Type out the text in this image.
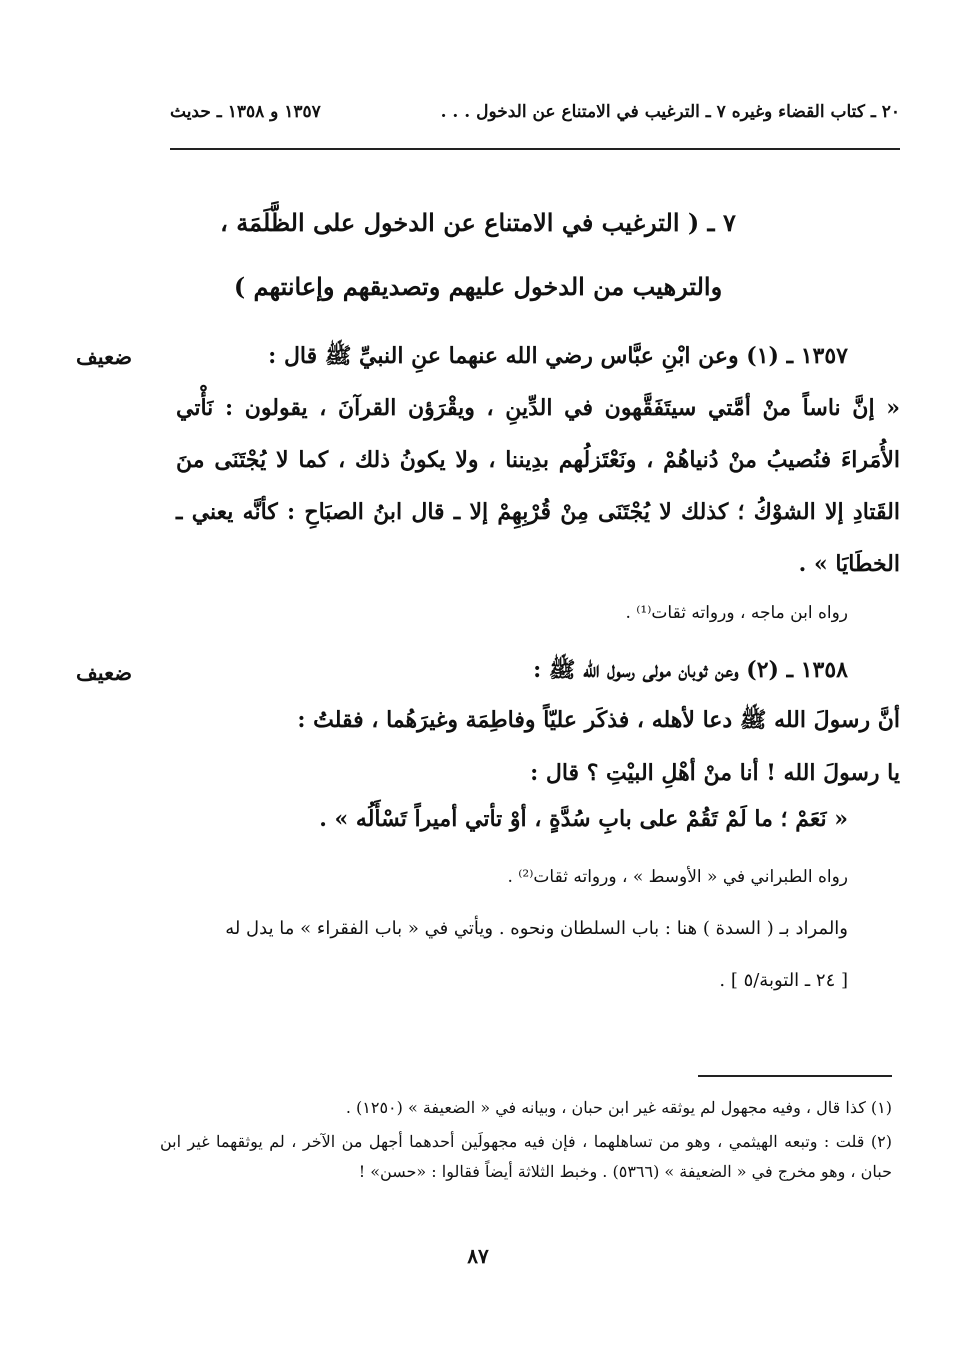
٢٠ ـ كتاب القضاء وغيره ٧ ـ الترغيب في الامتناع عن الدخول . . .
١٣٥٧ و ١٣٥٨ ـ حديث
٧ ـ ( الترغيب في الامتناع عن الدخول على الظَّلَمَة ،
والترهيب من الدخول عليهم وتصديقهم وإعانتهم )
ضعيف	١٣٥٧ ـ (١) وعن ابْنِ عبَّاس رضي الله عنهما عنِ النبيِّ ﷺ قال :
« إنَّ ناساً منْ أمَّتي سيتَفَقَّهون في الدِّينِ ، ويقْرَؤن القرآنَ ، يقولون : نَأْتي الأُمَراءَ فنُصيبُ منْ دُنياهُمْ ، ونَعْتَزلُهم بدِيننا ، ولا يكونُ ذلك ، كما لا يُجْتَنَى منَ القَتادِ إلا الشوْكُ ؛ كذلك لا يُجْتَنَى مِنْ قُرْبِهِمْ إلا ـ قال ابنُ الصبَاحِ : كأنَّه يعني ـ الخطَايَا » .
رواه ابن ماجه ، ورواته ثقات⁽¹⁾ .
ضعيف	١٣٥٨ ـ (٢) وعن ثوبان مولى رسول الله ﷺ :
أنَّ رسولَ الله ﷺ دعا لأهله ، فذكَر عليّاً وفاطِمَة وغيرَهُما ، فقلتُ :
يا رسولَ الله ! أنا منْ أهْلِ البيْتِ ؟ قال :
« نَعَمْ ؛ ما لَمْ تَقُمْ على بابِ سُدَّةٍ ، أوْ تأتي أميراً تَسْأَلُه » .
رواه الطبراني في « الأوسط » ، ورواته ثقات⁽²⁾ .
والمراد بـ ( السدة ) هنا : باب السلطان ونحوه . ويأتي في « باب الفقراء » ما يدل له
[ ٢٤ ـ التوبة/٥ ] .
(١) كذا قال ، وفيه مجهول لم يوثقه غير ابن حبان ، وبيانه في « الضعيفة » (١٢٥٠) .
(٢) قلت : وتبعه الهيثمي ، وهو من تساهلهما ، فإن فيه مجهولَين أحدهما أجهل من الآخر ، لم يوثقهما غير ابن حبان ، وهو مخرج في « الضعيفة » (٥٣٦٦) . وخبط الثلاثة أيضاً فقالوا : «حسن» !
٨٧
